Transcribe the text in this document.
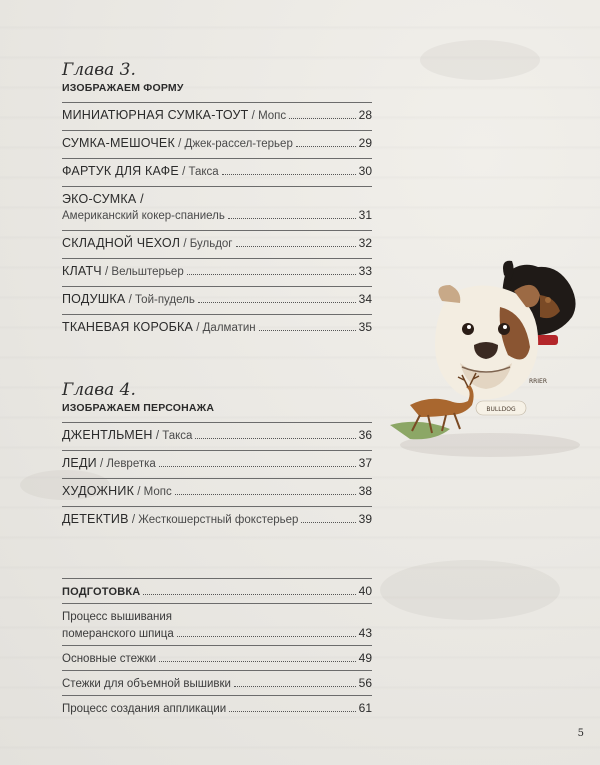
Глава 3.

ИЗОБРАЖАЕМ ФОРМУ
МИНИАТЮРНАЯ СУМКА-ТОУТ / Мопс	28
СУМКА-МЕШОЧЕК / Джек-рассел-терьер	29
ФАРТУК ДЛЯ КАФЕ / Такса	30
ЭКО-СУМКА /
Американский кокер-спаниель	31
СКЛАДНОЙ ЧЕХОЛ / Бульдог	32
КЛАТЧ / Вельштерьер	33
ПОДУШКА / Той-пудель	34
ТКАНЕВАЯ КОРОБКА / Далматин	35

Глава 4.

ИЗОБРАЖАЕМ ПЕРСОНАЖА
ДЖЕНТЛЬМЕН / Такса	36
ЛЕДИ / Левретка	37
ХУДОЖНИК / Мопс	38
ДЕТЕКТИВ / Жесткошерстный фокстерьер	39
ПОДГОТОВКА	40
Процесс вышивания
померанского шпица	43
Основные стежки	49
Стежки для объемной вышивки	56
Процесс создания аппликации	61
BULLDOG
RRIER
5
